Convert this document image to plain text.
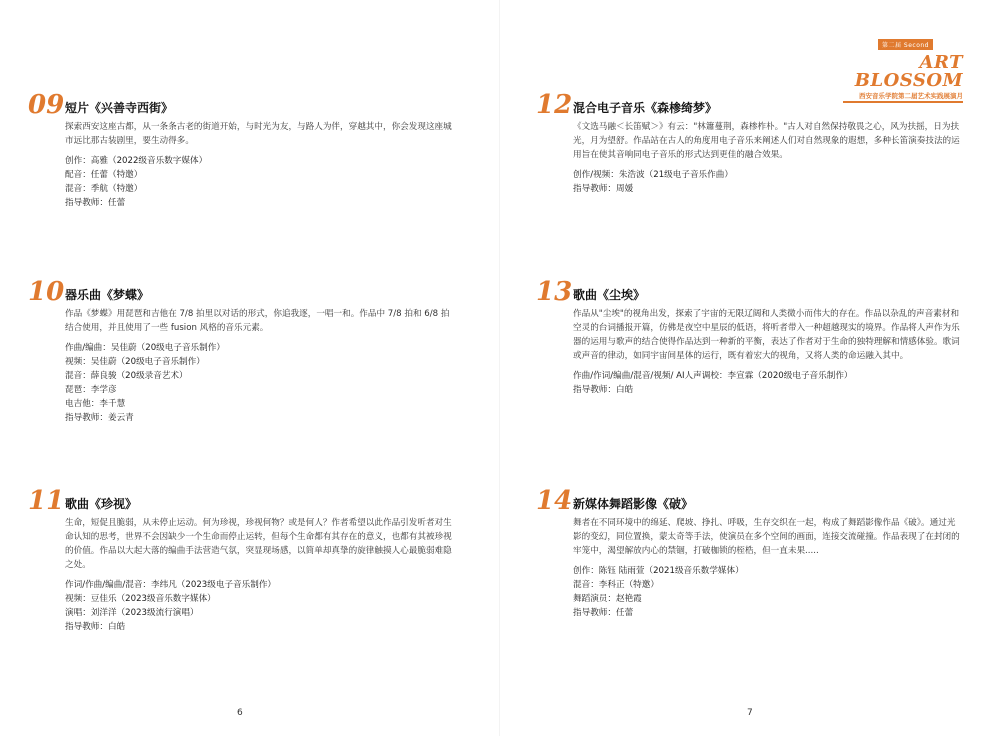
09 短片《兴善寺西街》

探索西安这座古都，从一条条古老的街道开始，与时光为友，与路人为伴，穿越其中，你会发现这座城市远比那古装剧里，要生动得多。

创作：高雅（2022级音乐数字媒体）

配音：任蕾（特邀）

混音：季航（特邀）

指导教师：任蕾

10 器乐曲《梦蝶》

作品《梦蝶》用琵琶和吉他在 7/8 拍里以对话的形式，你追我逐，一唱一和。作品中 7/8 拍和 6/8 拍结合使用，并且使用了一些 fusion 风格的音乐元素。

作曲/编曲：吴佳蔚（20级电子音乐制作）

视频：吴佳蔚（20级电子音乐制作）

混音：薛良骏（20级录音艺术）

琵琶：李学彦

电吉他：李千慧

指导教师：姜云青

11 歌曲《珍视》

生命，短促且脆弱，从未停止运动。何为珍视，珍视何物？或是何人？作者希望以此作品引发听者对生命认知的思考，世界不会因缺少一个生命而停止运转，但每个生命都有其存在的意义，也都有其被珍视的价值。作品以大起大落的编曲手法营造气氛，突显现场感，以简单却真挚的旋律触摸人心最脆弱难隐之处。

作词/作曲/编曲/混音：李纬凡（2023级电子音乐制作）

视频：豆佳乐（2023级音乐数字媒体）

演唱：刘洋洋（2023级流行演唱）

指导教师：白皓

6
第二届 Second
ART BLOSSOM
西安音乐学院第二届艺术实践展演月
12 混合电子音乐《森椮绮梦》

《文选马融＜长笛赋＞》有云："林簫蔓荆，森椮柞朴。"古人对自然保持敬畏之心，风为扶摇，日为扶光，月为望舒。作品站在古人的角度用电子音乐来阐述人们对自然现象的遐想，多种长笛演奏技法的运用旨在使其音响同电子音乐的形式达到更佳的融合效果。

创作/视频：朱浩波（21级电子音乐作曲）

指导教师：周媛

13 歌曲《尘埃》

作品从"尘埃"的视角出发，探索了宇宙的无限辽阔和人类微小而伟大的存在。作品以杂乱的声音素材和空灵的台词播报开篇，仿佛是夜空中星辰的低语，将听者带入一种超越现实的境界。作品将人声作为乐器的运用与歌声的结合使得作品达到一种新的平衡，表达了作者对于生命的独特理解和情感体验。歌词或声音的律动，如同宇宙间星体的运行，既有着宏大的视角，又将人类的命运融入其中。

作曲/作词/编曲/混音/视频/ AI人声调校：李宣霖（2020级电子音乐制作）

指导教师：白皓

14 新媒体舞蹈影像《破》

舞者在不同环境中的绵延、爬坡、挣扎、呼吸，生存交织在一起，构成了舞蹈影像作品《破》。通过光影的变幻，同位置换，蒙太奇等手法，使演员在多个空间的画面，连接交流碰撞。作品表现了在封闭的牢笼中，渴望解放内心的禁锢，打破枷锁的桎梏，但一直未果.....

创作：陈钰 陆雨萱（2021级音乐数学媒体）

混音：李科正（特邀）

舞蹈演员：赵艳霞

指导教师：任蕾

7
